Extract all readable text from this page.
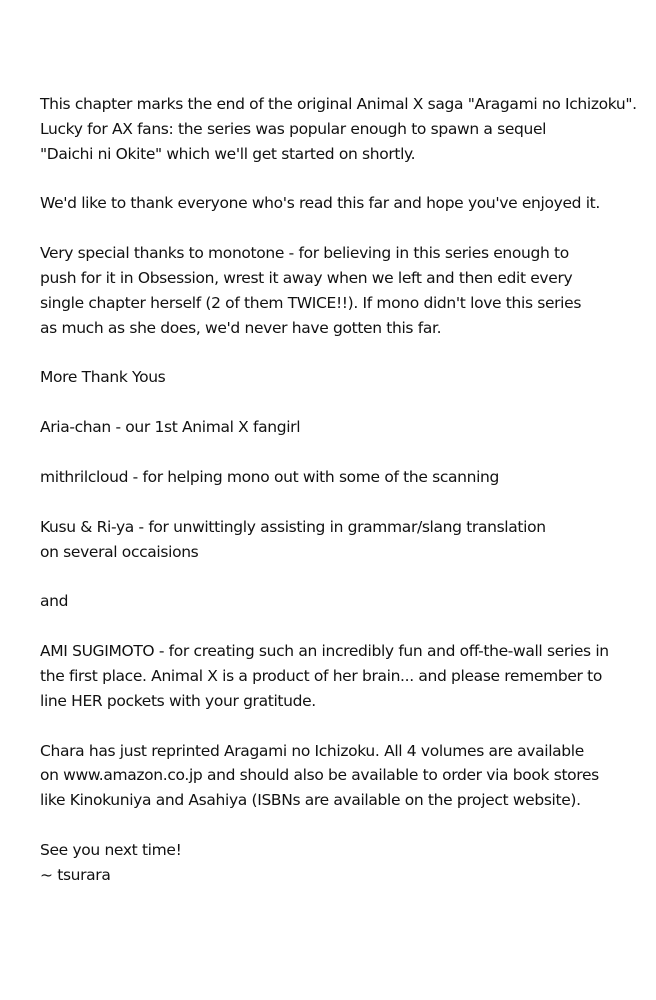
This chapter marks the end of the original Animal X saga "Aragami no Ichizoku".
Lucky for AX fans: the series was popular enough to spawn a sequel
"Daichi ni Okite" which we'll get started on shortly.

We'd like to thank everyone who's read this far and hope you've enjoyed it.

Very special thanks to monotone - for believing in this series enough to
push for it in Obsession, wrest it away when we left and then edit every
single chapter herself (2 of them TWICE!!). If mono didn't love this series
as much as she does, we'd never have gotten this far.

More Thank Yous

Aria-chan - our 1st Animal X fangirl

mithrilcloud - for helping mono out with some of the scanning

Kusu & Ri-ya - for unwittingly assisting in grammar/slang translation
on several occaisions

and

AMI SUGIMOTO - for creating such an incredibly fun and off-the-wall series in
the first place. Animal X is a product of her brain... and please remember to
line HER pockets with your gratitude.

Chara has just reprinted Aragami no Ichizoku. All 4 volumes are available
on www.amazon.co.jp and should also be available to order via book stores
like Kinokuniya and Asahiya (ISBNs are available on the project website).

See you next time!
~ tsurara
